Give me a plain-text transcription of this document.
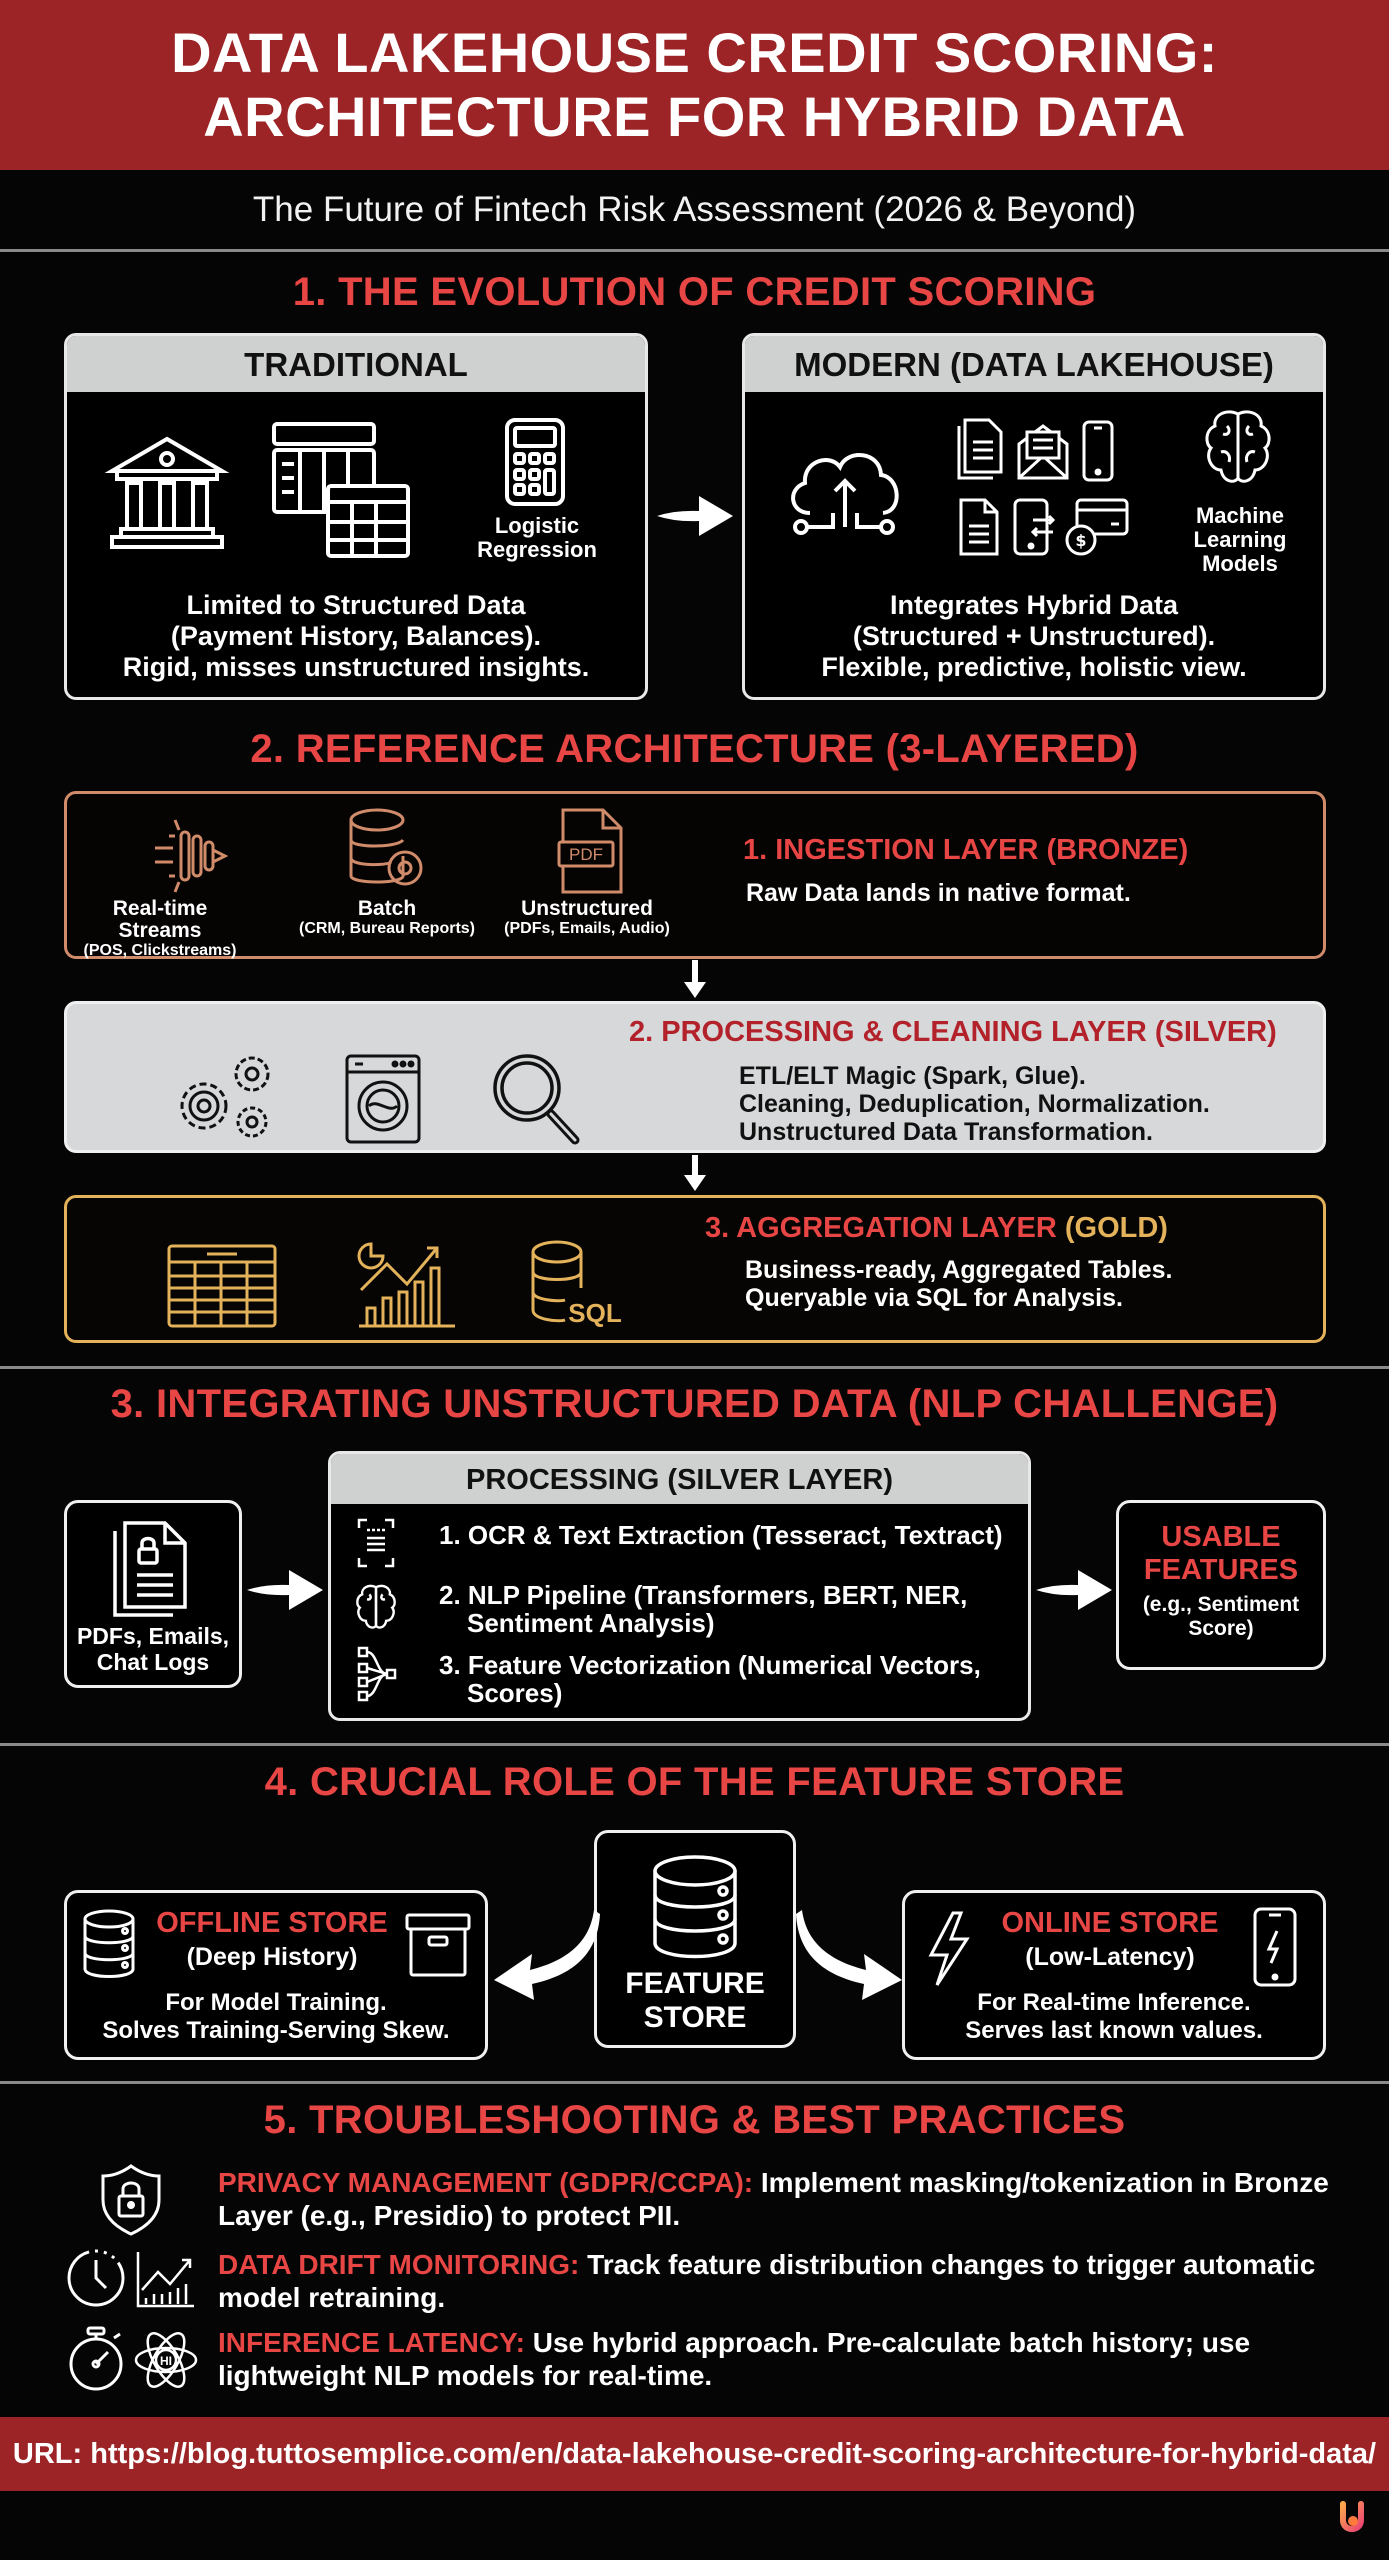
DATA LAKEHOUSE CREDIT SCORING:
ARCHITECTURE FOR HYBRID DATA
The Future of Fintech Risk Assessment (2026 & Beyond)
1. THE EVOLUTION OF CREDIT SCORING
TRADITIONAL
Logistic
Regression
Limited to Structured Data
(Payment History, Balances).
Rigid, misses unstructured insights.
MODERN (DATA LAKEHOUSE)
$
Machine
Learning
Models
Integrates Hybrid Data
(Structured + Unstructured).
Flexible, predictive, holistic view.
2. REFERENCE ARCHITECTURE (3-LAYERED)
PDF
Real-time Streams
(POS, Clickstreams)
Batch
(CRM, Bureau Reports)
Unstructured
(PDFs, Emails, Audio)
1. INGESTION LAYER (BRONZE)
Raw Data lands in native format.
2. PROCESSING & CLEANING LAYER (SILVER)
ETL/ELT Magic (Spark, Glue).
Cleaning, Deduplication, Normalization.
Unstructured Data Transformation.
SQL
3. AGGREGATION LAYER (GOLD)
Business-ready, Aggregated Tables.
Queryable via SQL for Analysis.
3. INTEGRATING UNSTRUCTURED DATA (NLP CHALLENGE)
PDFs, Emails,
Chat Logs
PROCESSING (SILVER LAYER)
1. OCR & Text Extraction (Tesseract, Textract)
2. NLP Pipeline (Transformers, BERT, NER,
Sentiment Analysis)
3. Feature Vectorization (Numerical Vectors,
Scores)
USABLE
FEATURES
(e.g., Sentiment
Score)
4. CRUCIAL ROLE OF THE FEATURE STORE
FEATURE
STORE
OFFLINE STORE
(Deep History)
For Model Training.
Solves Training-Serving Skew.
ONLINE STORE
(Low-Latency)
For Real-time Inference.
Serves last known values.
5. TROUBLESHOOTING & BEST PRACTICES
HI
PRIVACY MANAGEMENT (GDPR/CCPA): Implement masking/tokenization in Bronze Layer (e.g., Presidio) to protect PII.
DATA DRIFT MONITORING: Track feature distribution changes to trigger automatic model retraining.
INFERENCE LATENCY: Use hybrid approach. Pre-calculate batch history; use lightweight NLP models for real-time.
URL: https://blog.tuttosemplice.com/en/data-lakehouse-credit-scoring-architecture-for-hybrid-data/
